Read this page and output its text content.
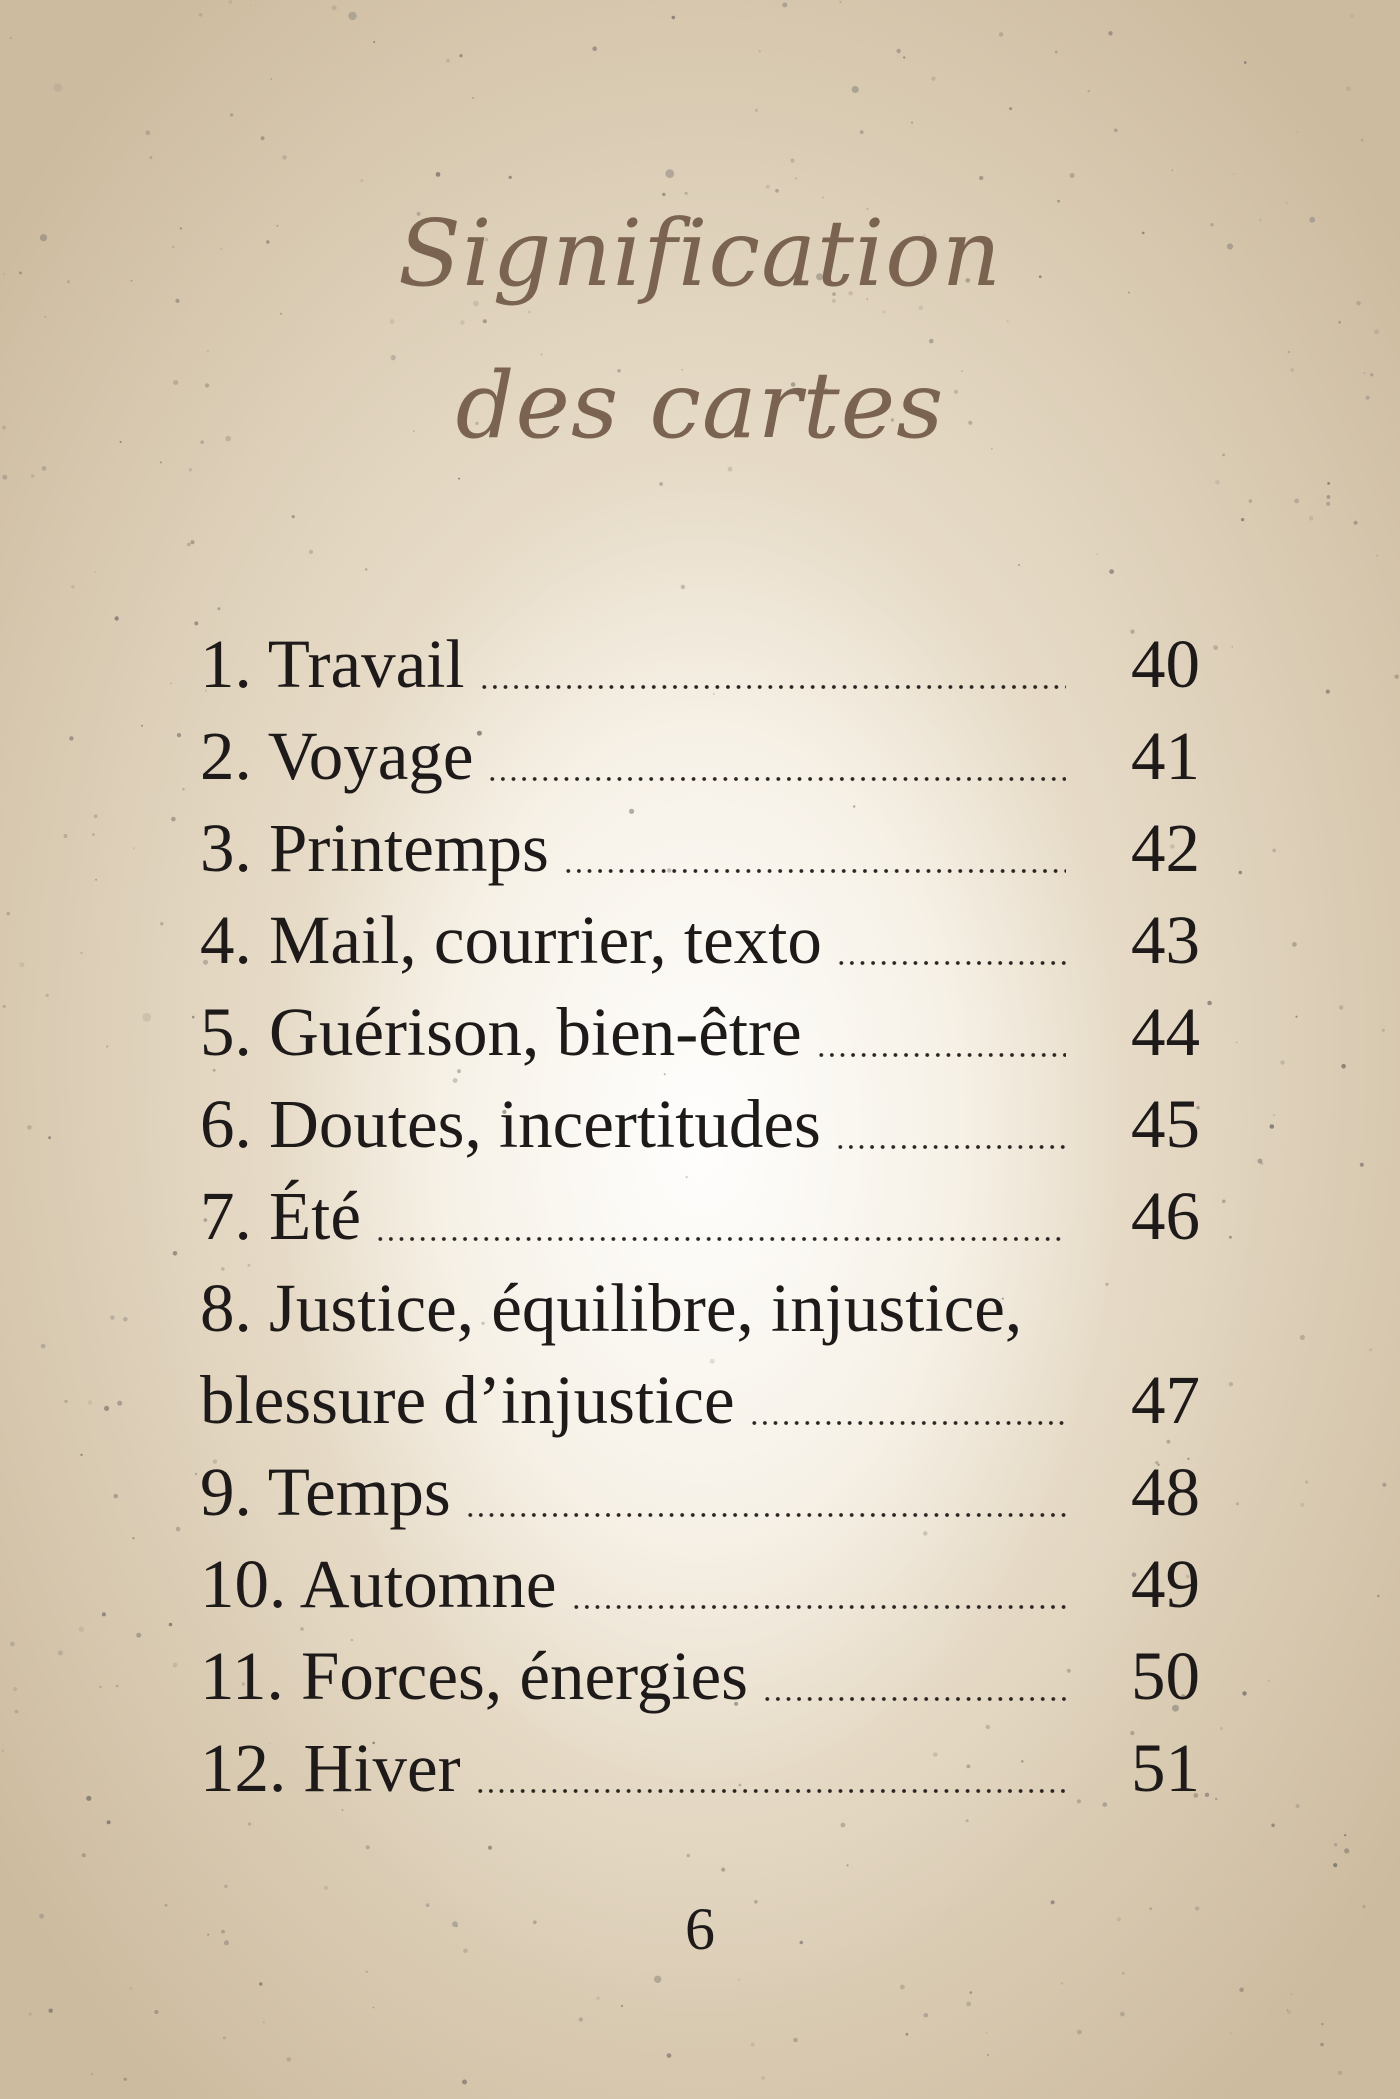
Signification
des cartes
1. Travail	40
2. Voyage	41
3. Printemps	42
4. Mail, courrier, texto	43
5. Guérison, bien-être	44
6. Doutes, incertitudes	45
7. Été	46
8. Justice, équilibre, injustice,
blessure d’injustice	47
9. Temps	48
10. Automne	49
11. Forces, énergies	50
12. Hiver	51
6
